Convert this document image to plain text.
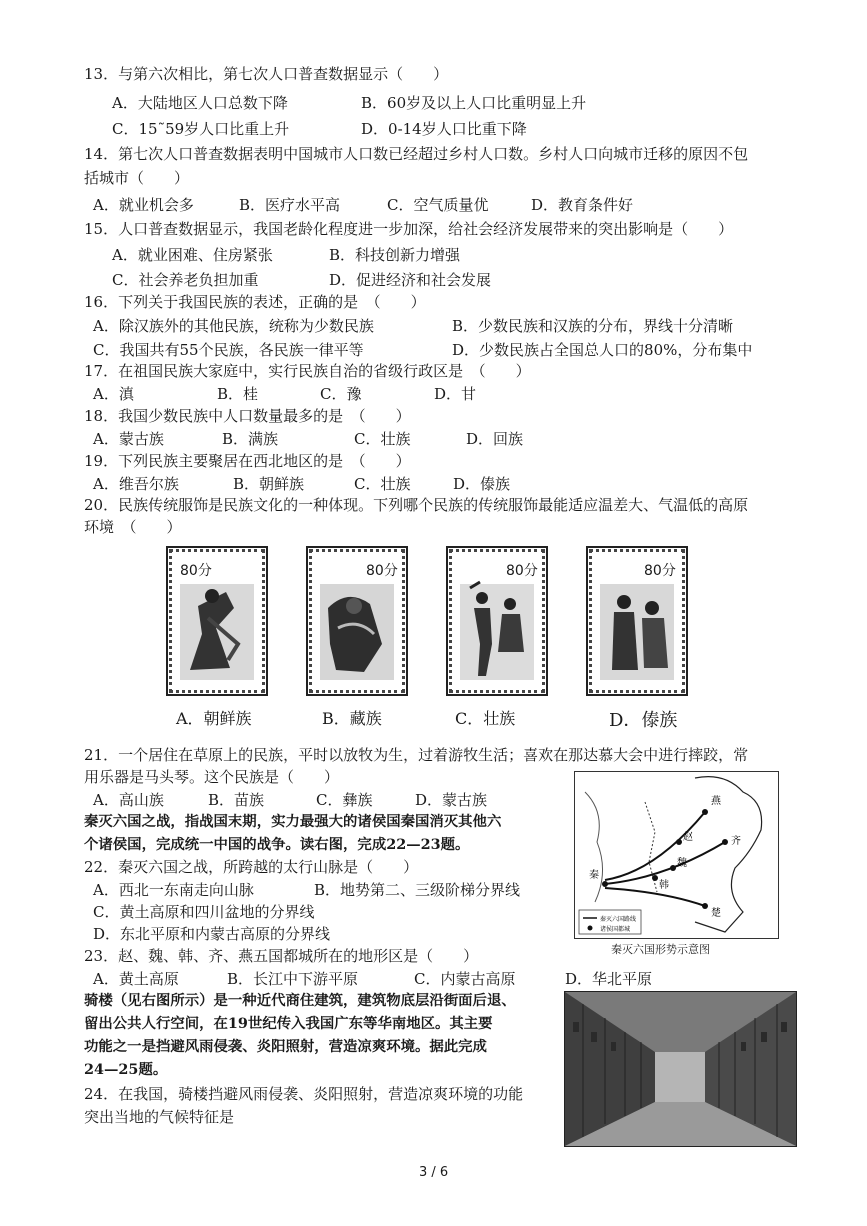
13．与第六次相比，第七次人口普查数据显示（　　）
A．大陆地区人口总数下降	B．60岁及以上人口比重明显上升
C．15˜59岁人口比重上升	D．0-14岁人口比重下降
14．第七次人口普查数据表明中国城市人口数已经超过乡村人口数。乡村人口向城市迁移的原因不包
括城市（　　）
A．就业机会多	B．医疗水平高	C．空气质量优	D．教育条件好
15．人口普查数据显示，我国老龄化程度进一步加深，给社会经济发展带来的突出影响是（　　）
A．就业困难、住房紧张	B．科技创新力增强
C．社会养老负担加重	D．促进经济和社会发展
16．下列关于我国民族的表述，正确的是　（　　）
A．除汉族外的其他民族，统称为少数民族	B．少数民族和汉族的分布，界线十分清晰
C．我国共有55个民族，各民族一律平等	D．少数民族占全国总人口的80%，分布集中
17．在祖国民族大家庭中，实行民族自治的省级行政区是　（　　）
A．滇	B．桂	C．豫	D．甘
18．我国少数民族中人口数量最多的是　（　　）
A．蒙古族	B．满族	C．壮族	D．回族
19．下列民族主要聚居在西北地区的是　（　　）
A．维吾尔族	B．朝鲜族	C．壮族	D．傣族
20．民族传统服饰是民族文化的一种体现。下列哪个民族的传统服饰最能适应温差大、气温低的高原
环境　（　　）
80分	80分	80分	80分
A．朝鲜族	B．藏族	C．壮族	D．傣族
21．一个居住在草原上的民族，平时以放牧为生，过着游牧生活；喜欢在那达慕大会中进行摔跤，常
用乐器是马头琴。这个民族是（　　）
A．高山族	B．苗族	C．彝族	D．蒙古族
秦灭六国之战，指战国末期，实力最强大的诸侯国秦国消灭其他六
个诸侯国，完成统一中国的战争。读右图，完成22—23题。
22．秦灭六国之战，所跨越的太行山脉是（　　）
A．西北一东南走向山脉	B．地势第二、三级阶梯分界线
C．黄土高原和四川盆地的分界线
D．东北平原和内蒙古高原的分界线
23．赵、魏、韩、齐、燕五国都城所在的地形区是（　　）
A．黄土高原	B．长江中下游平原	C．内蒙古高原	D．华北平原
燕
赵	齐
魏
韩
楚
秦
秦灭六国路线
诸侯国都城
秦灭六国形势示意图
骑楼（见右图所示）是一种近代商住建筑，建筑物底层沿街面后退、
留出公共人行空间，在19世纪传入我国广东等华南地区。其主要
功能之一是挡避风雨侵袭、炎阳照射，营造凉爽环境。据此完成
24—25题。
24．在我国，骑楼挡避风雨侵袭、炎阳照射，营造凉爽环境的功能
突出当地的气候特征是
3 / 6
